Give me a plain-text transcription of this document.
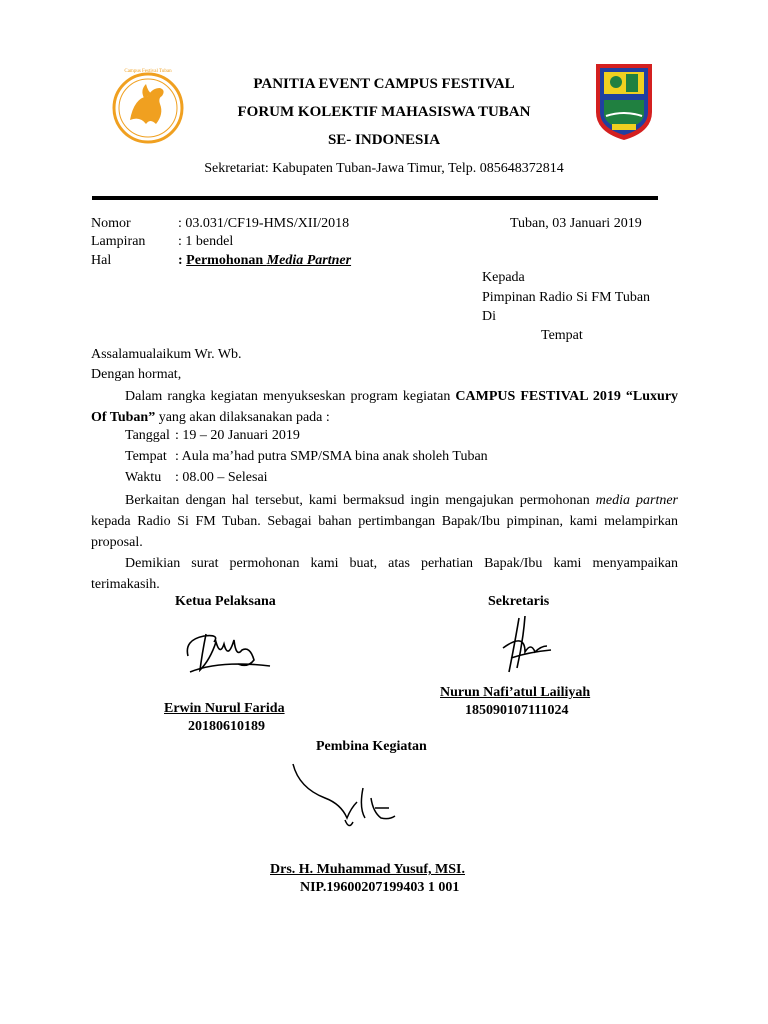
Campus Festival Tuban
PANITIA EVENT CAMPUS FESTIVAL
FORUM KOLEKTIF MAHASISWA TUBAN
SE- INDONESIA
Sekretariat: Kabupaten Tuban-Jawa Timur, Telp. 085648372814
Nomor	: 03.031/CF19-HMS/XII/2018	Tuban, 03 Januari 2019
Lampiran : 1 bendel
Hal	: Permohonan Media Partner
Kepada
Pimpinan Radio Si FM Tuban
Di
Tempat
Assalamualaikum Wr. Wb.
Dengan hormat,
Dalam rangka kegiatan menyukseskan program kegiatan CAMPUS FESTIVAL 2019 “Luxury Of Tuban” yang akan dilaksanakan pada :
Tanggal : 19 – 20 Januari 2019
Tempat : Aula ma’had putra SMP/SMA bina anak sholeh Tuban
Waktu : 08.00 – Selesai
Berkaitan dengan hal tersebut, kami bermaksud ingin mengajukan permohonan media partner kepada Radio Si FM Tuban. Sebagai bahan pertimbangan Bapak/Ibu pimpinan, kami melampirkan proposal.
Demikian surat permohonan kami buat, atas perhatian Bapak/Ibu kami menyampaikan terimakasih.
Ketua Pelaksana
Erwin Nurul Farida
20180610189
Sekretaris
Nurun Nafi’atul Lailiyah
185090107111024
Pembina Kegiatan
Drs. H. Muhammad Yusuf, MSI.
NIP.19600207199403 1 001
